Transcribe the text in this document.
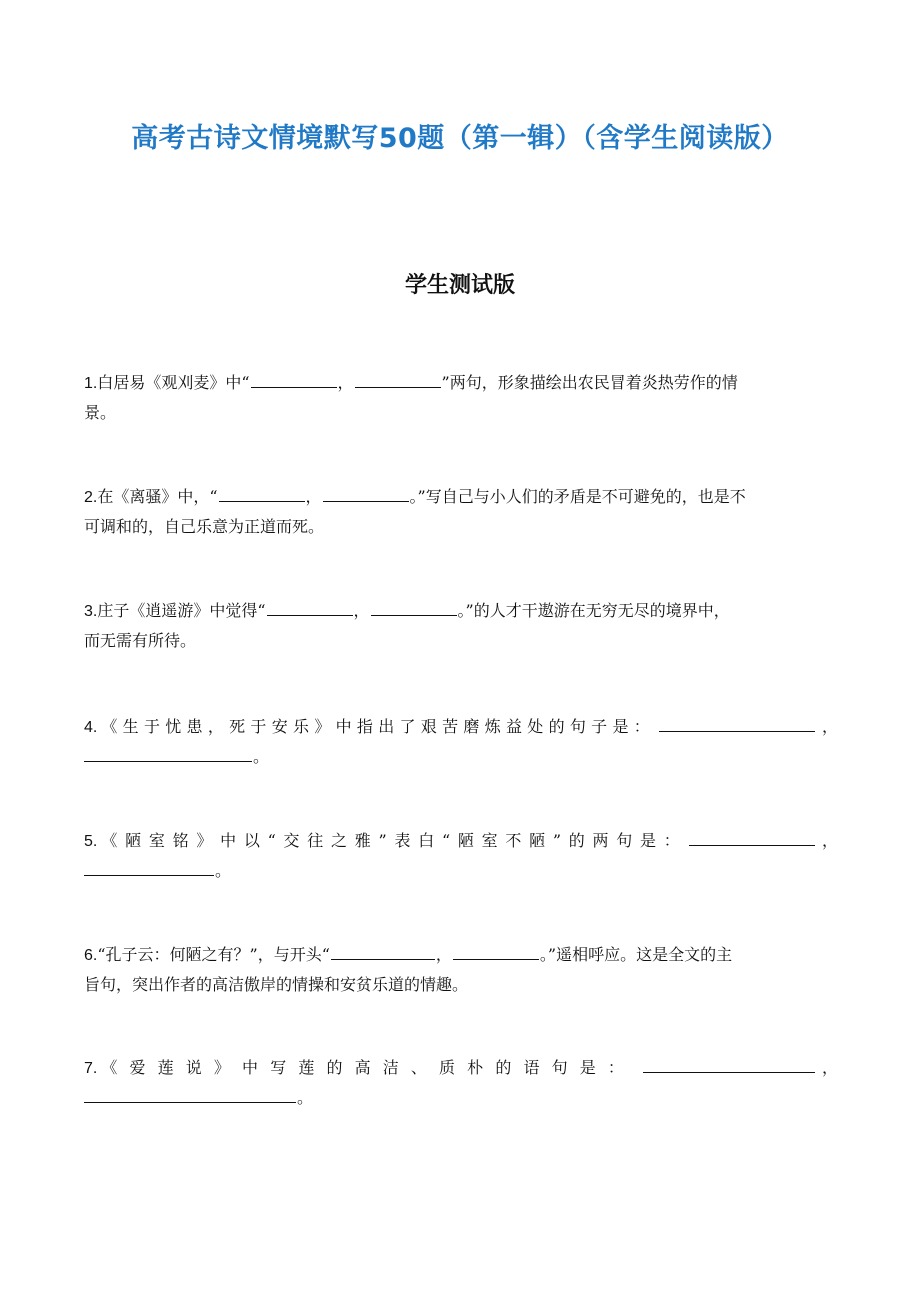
高考古诗文情境默写50题（第一辑）（含学生阅读版）
学生测试版
1.白居易《观刈麦》中“	，	”两句，形象描绘出农民冒着炎热劳作的情
景。
2.在《离骚》中，“	，	。”写自己与小人们的矛盾是不可避免的，也是不
可调和的，自己乐意为正道而死。
3.庄子《逍遥游》中觉得“	，	。”的人才干遨游在无穷无尽的境界中，
而无需有所待。
4. 《 生 于 忧 患 ， 死 于 安 乐 》 中 指 出 了 艰 苦 磨 炼 益 处 的 句 子 是 ：	，
。
5. 《 陋 室 铭 》 中 以 “ 交 往 之 雅 ” 表 白 “ 陋 室 不 陋 ” 的 两 句 是 ：	，
。
6.“孔子云：何陋之有？”，与开头“	，	。”遥相呼应。这是全文的主
旨句，突出作者的高洁傲岸的情操和安贫乐道的情趣。
7. 《 爱 莲 说 》 中 写 莲 的 高 洁 、 质 朴 的 语 句 是 ：	，
。
